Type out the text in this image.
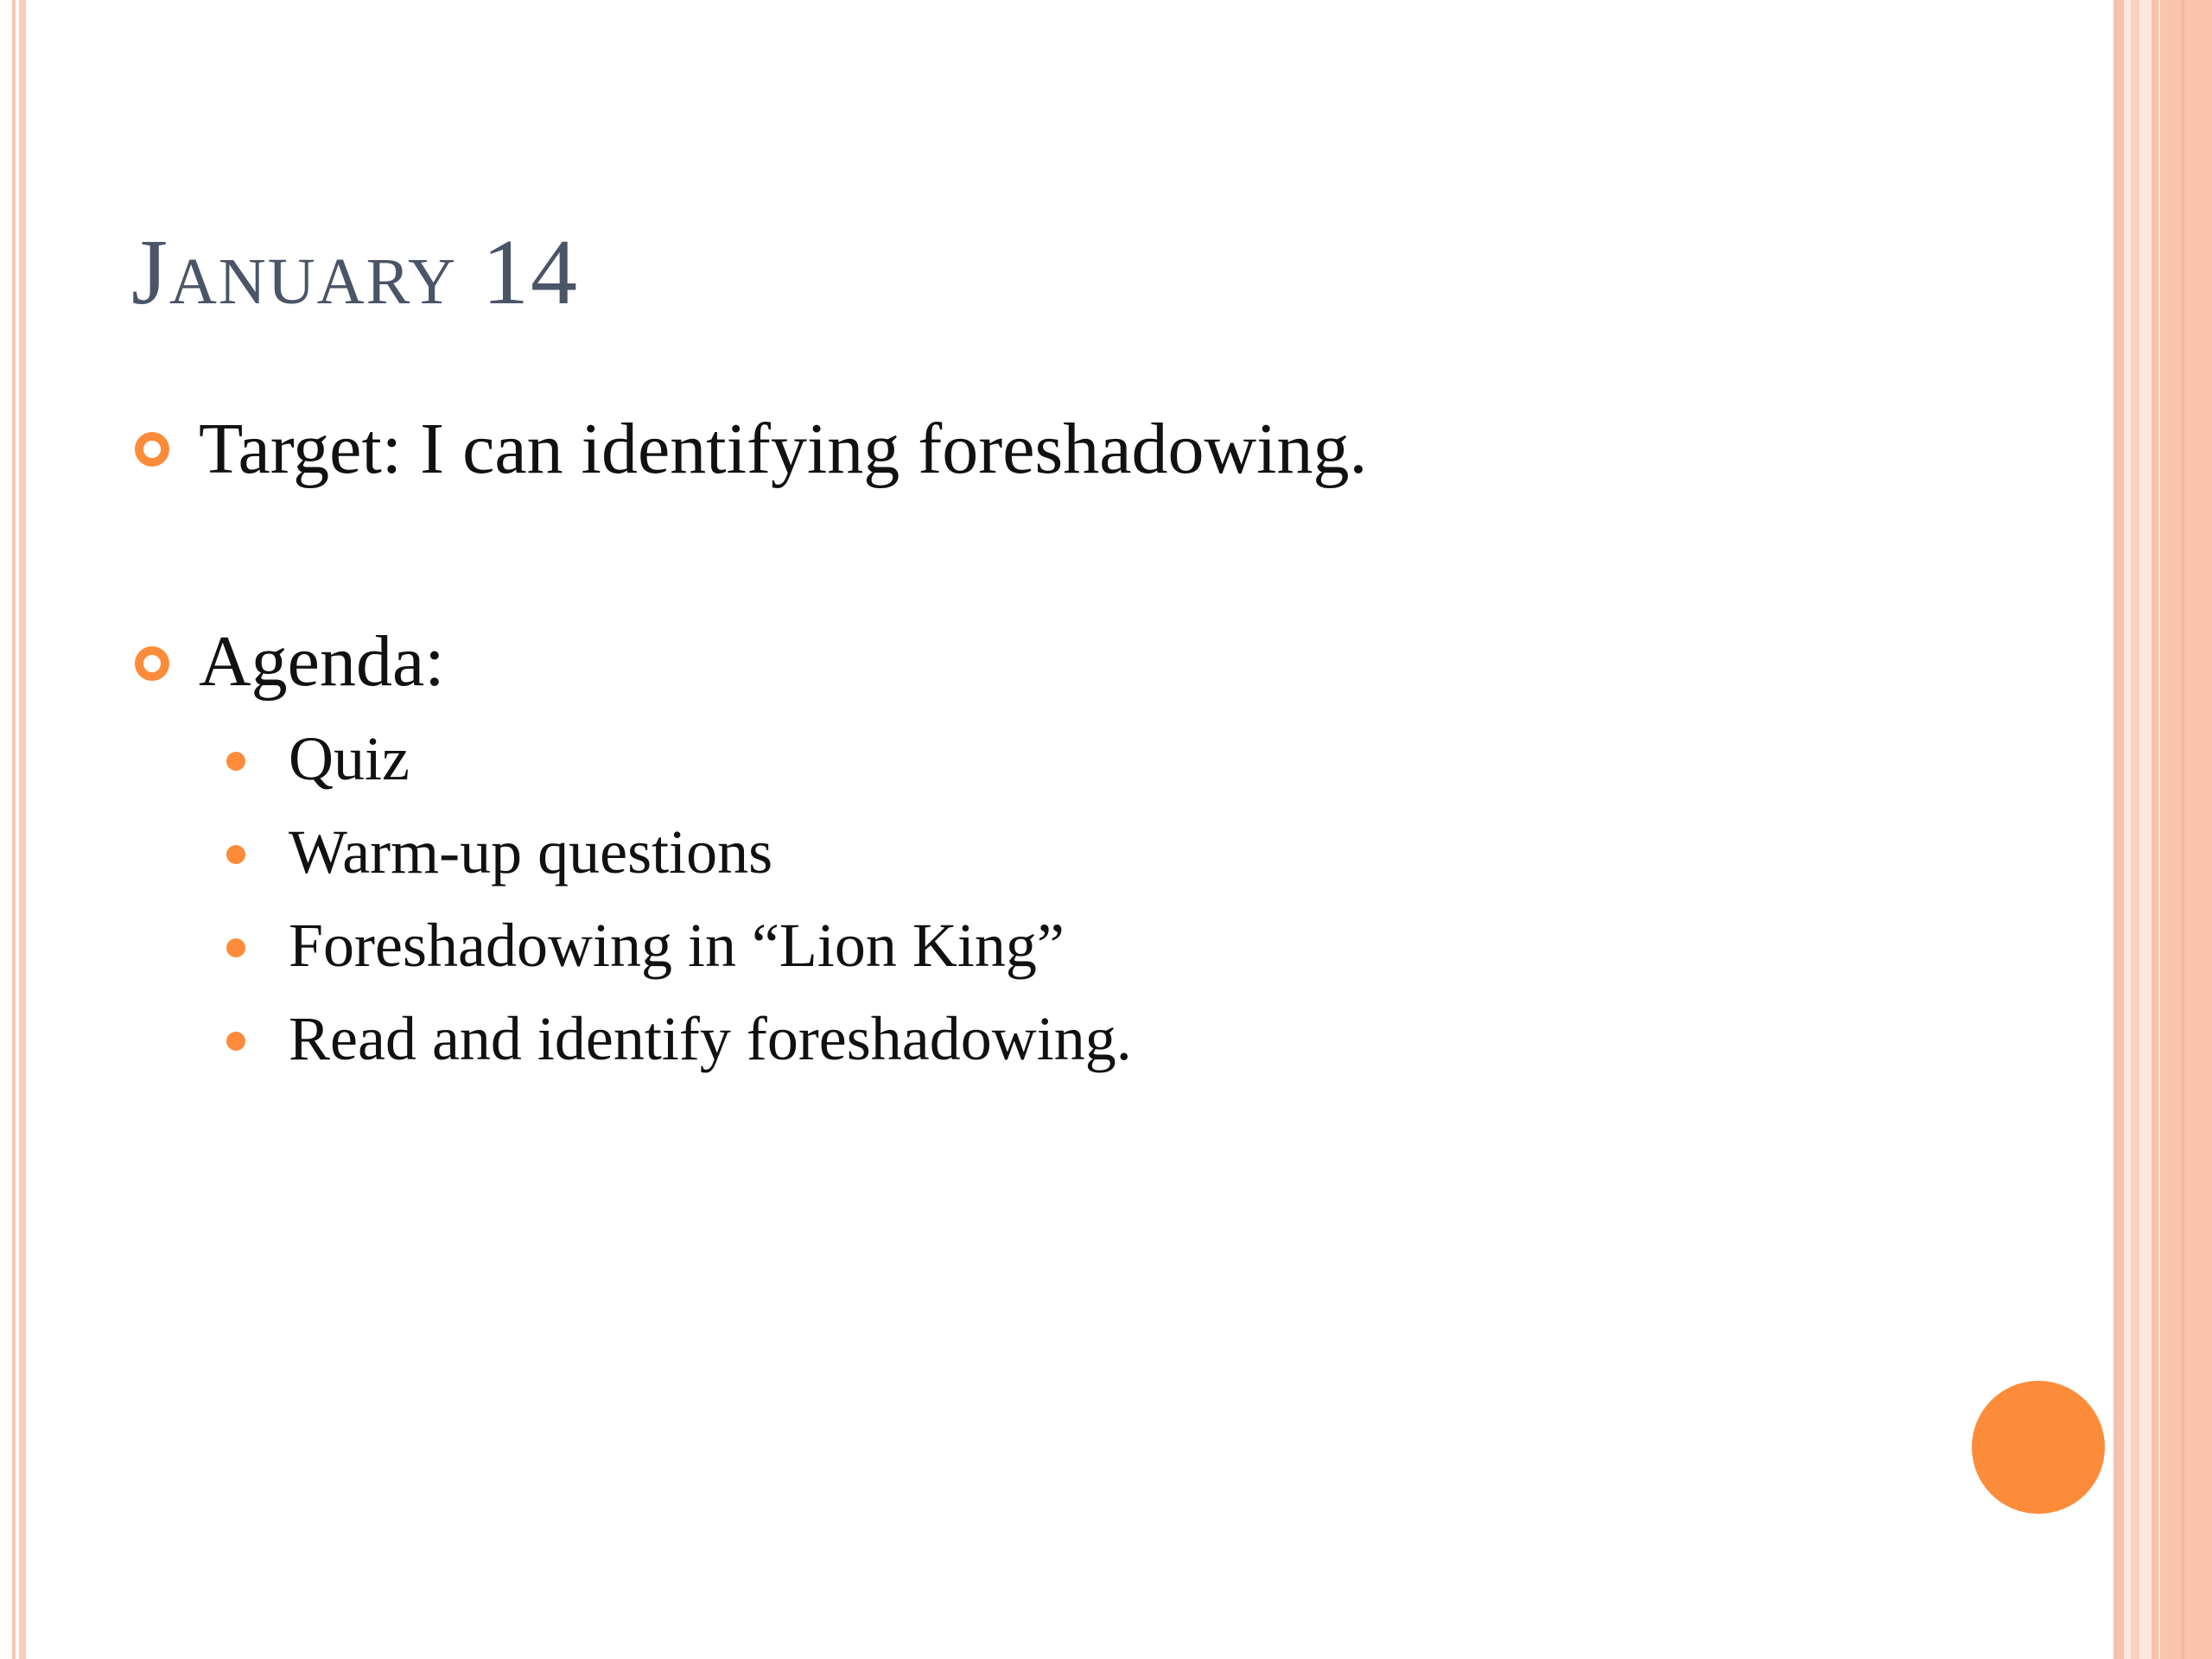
January 14
Target: I can identifying foreshadowing.
Agenda:
Quiz
Warm-up questions
Foreshadowing in “Lion King”
Read and identify foreshadowing.
